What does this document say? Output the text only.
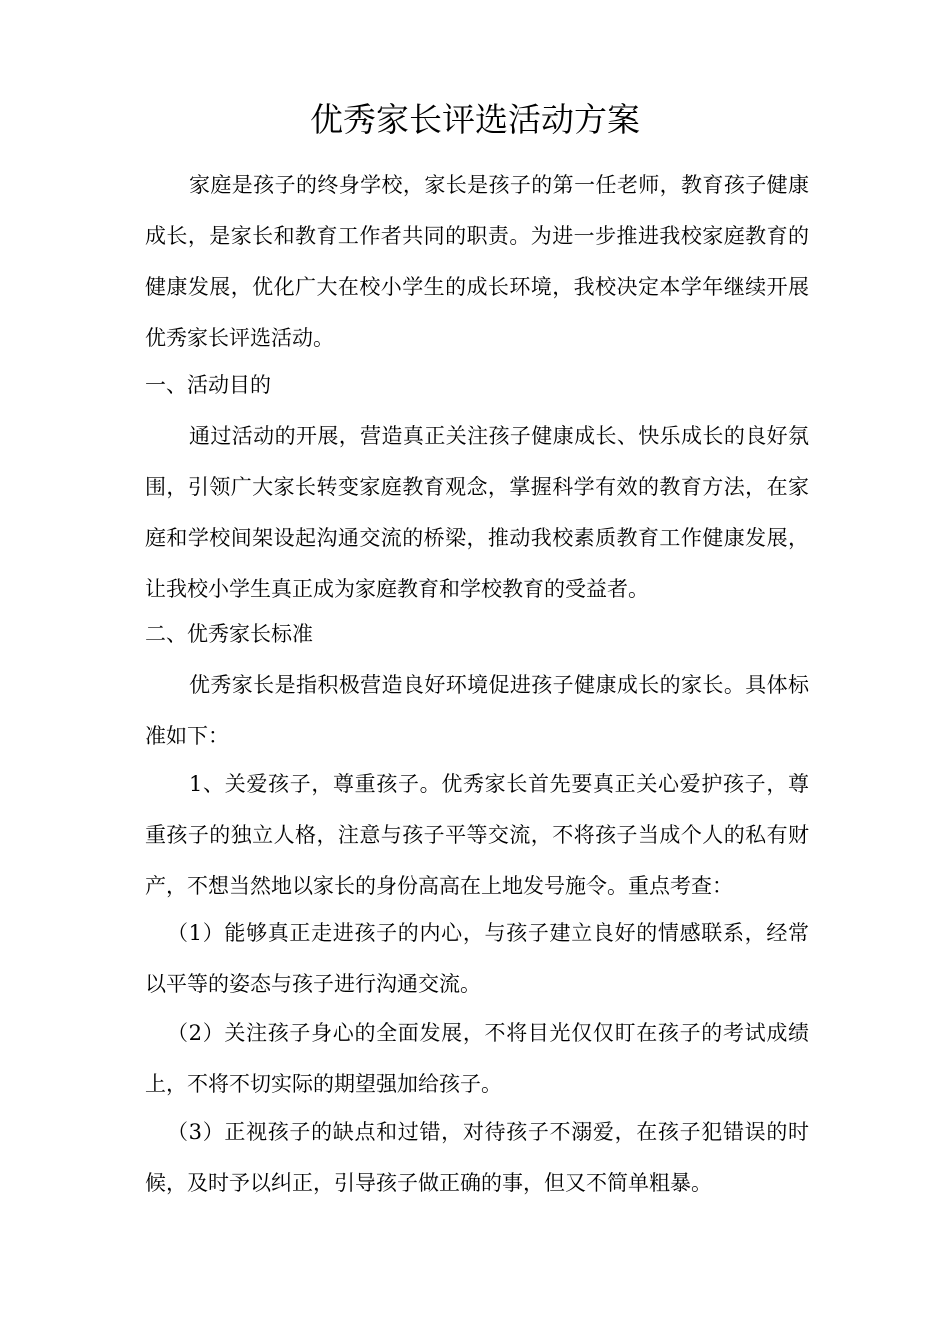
优秀家长评选活动方案

家庭是孩子的终身学校，家长是孩子的第一任老师，教育孩子健康成长，是家长和教育工作者共同的职责。为进一步推进我校家庭教育的健康发展，优化广大在校小学生的成长环境，我校决定本学年继续开展优秀家长评选活动。

一、活动目的

通过活动的开展，营造真正关注孩子健康成长、快乐成长的良好氛围，引领广大家长转变家庭教育观念，掌握科学有效的教育方法，在家庭和学校间架设起沟通交流的桥梁，推动我校素质教育工作健康发展，让我校小学生真正成为家庭教育和学校教育的受益者。

二、优秀家长标准

优秀家长是指积极营造良好环境促进孩子健康成长的家长。具体标准如下：

1、关爱孩子，尊重孩子。优秀家长首先要真正关心爱护孩子，尊重孩子的独立人格，注意与孩子平等交流，不将孩子当成个人的私有财产，不想当然地以家长的身份高高在上地发号施令。重点考查：

（1）能够真正走进孩子的内心，与孩子建立良好的情感联系，经常以平等的姿态与孩子进行沟通交流。

（2）关注孩子身心的全面发展，不将目光仅仅盯在孩子的考试成绩上，不将不切实际的期望强加给孩子。

（3）正视孩子的缺点和过错，对待孩子不溺爱，在孩子犯错误的时候，及时予以纠正，引导孩子做正确的事，但又不简单粗暴。
